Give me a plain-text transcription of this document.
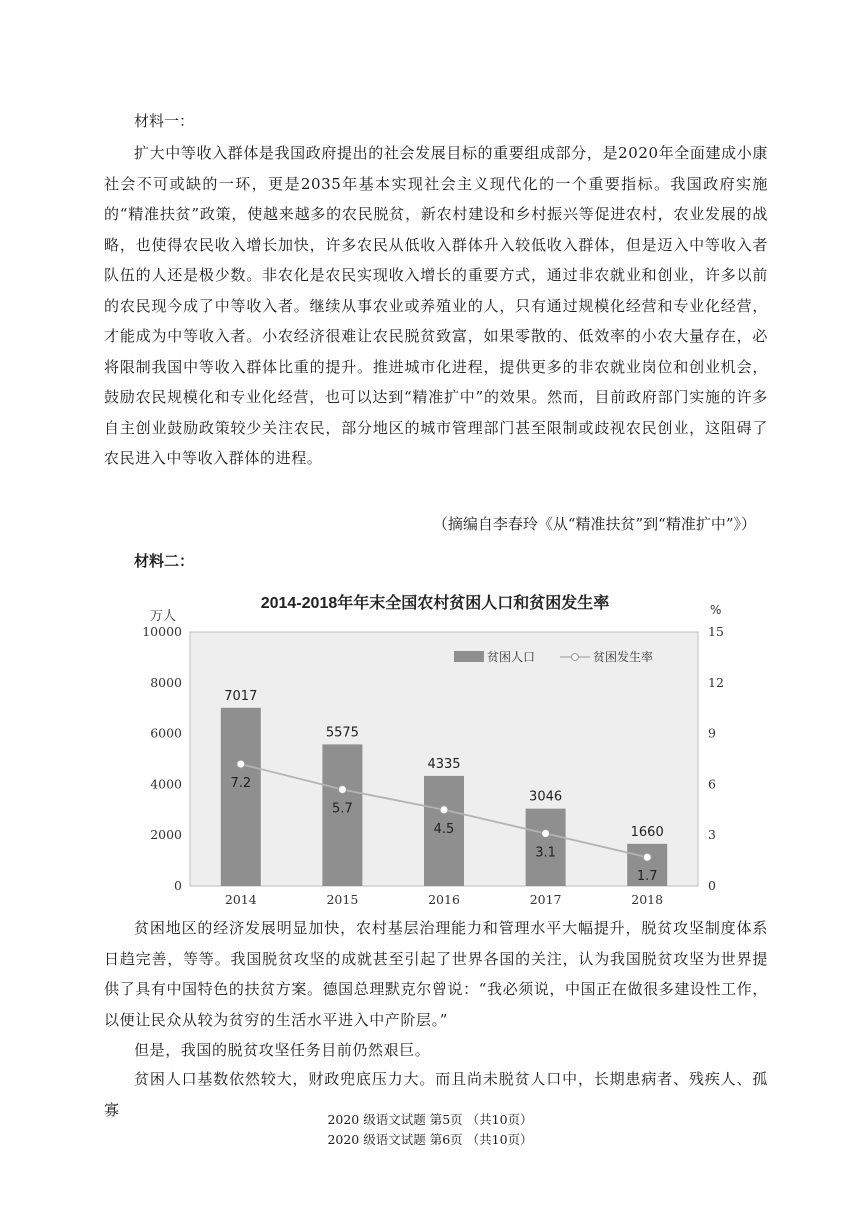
材料一：

扩大中等收入群体是我国政府提出的社会发展目标的重要组成部分，是2020年全面建成小康社会不可或缺的一环，更是2035年基本实现社会主义现代化的一个重要指标。我国政府实施的“精准扶贫”政策，使越来越多的农民脱贫，新农村建设和乡村振兴等促进农村，农业发展的战略，也使得农民收入增长加快，许多农民从低收入群体升入较低收入群体，但是迈入中等收入者队伍的人还是极少数。非农化是农民实现收入增长的重要方式，通过非农就业和创业，许多以前的农民现今成了中等收入者。继续从事农业或养殖业的人，只有通过规模化经营和专业化经营，才能成为中等收入者。小农经济很难让农民脱贫致富，如果零散的、低效率的小农大量存在，必将限制我国中等收入群体比重的提升。推进城市化进程，提供更多的非农就业岗位和创业机会，鼓励农民规模化和专业化经营，也可以达到“精准扩中”的效果。然而，目前政府部门实施的许多自主创业鼓励政策较少关注农民，部分地区的城市管理部门甚至限制或歧视农民创业，这阻碍了农民进入中等收入群体的进程。

（摘编自李春玲《从“精准扶贫”到“精准扩中”》）

材料二：

2014-2018年年末全国农村贫困人口和贫困发生率
万人	%
0
2000
4000
6000
8000
10000
0
3
6
9
12
15
7017
5575
4335
3046
1660
7.2
5.7
4.5
3.1
1.7
2014	2015	2016	2017	2018
贫困人口	贫困发生率

贫困地区的经济发展明显加快，农村基层治理能力和管理水平大幅提升，脱贫攻坚制度体系日趋完善，等等。我国脱贫攻坚的成就甚至引起了世界各国的关注，认为我国脱贫攻坚为世界提供了具有中国特色的扶贫方案。德国总理默克尔曾说：“我必须说，中国正在做很多建设性工作，以便让民众从较为贫穷的生活水平进入中产阶层。”

但是，我国的脱贫攻坚任务目前仍然艰巨。

贫困人口基数依然较大，财政兜底压力大。而且尚未脱贫人口中，长期患病者、残疾人、孤寡

2020 级语文试题 第5页 （共10页）

2020 级语文试题 第6页 （共10页）
